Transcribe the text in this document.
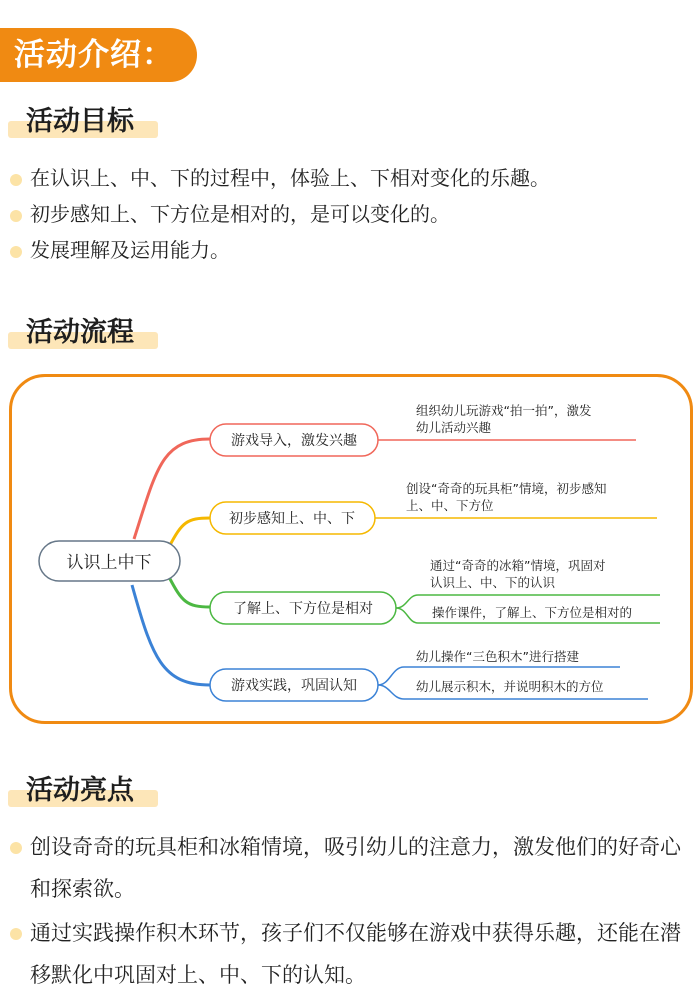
活动介绍：
活动目标
在认识上、中、下的过程中，体验上、下相对变化的乐趣。
初步感知上、下方位是相对的，是可以变化的。
发展理解及运用能力。
活动流程
认识上中下
游戏导入，激发兴趣
组织幼儿玩游戏“拍一拍”，激发
幼儿活动兴趣
初步感知上、中、下
创设“奇奇的玩具柜”情境，初步感知
上、中、下方位
了解上、下方位是相对
通过“奇奇的冰箱”情境，巩固对
认识上、中、下的认识
操作课件，了解上、下方位是相对的
游戏实践，巩固认知
幼儿操作“三色积木”进行搭建
幼儿展示积木，并说明积木的方位
活动亮点
创设奇奇的玩具柜和冰箱情境，吸引幼儿的注意力，激发他们的好奇心和探索欲。
通过实践操作积木环节，孩子们不仅能够在游戏中获得乐趣，还能在潜移默化中巩固对上、中、下的认知。
